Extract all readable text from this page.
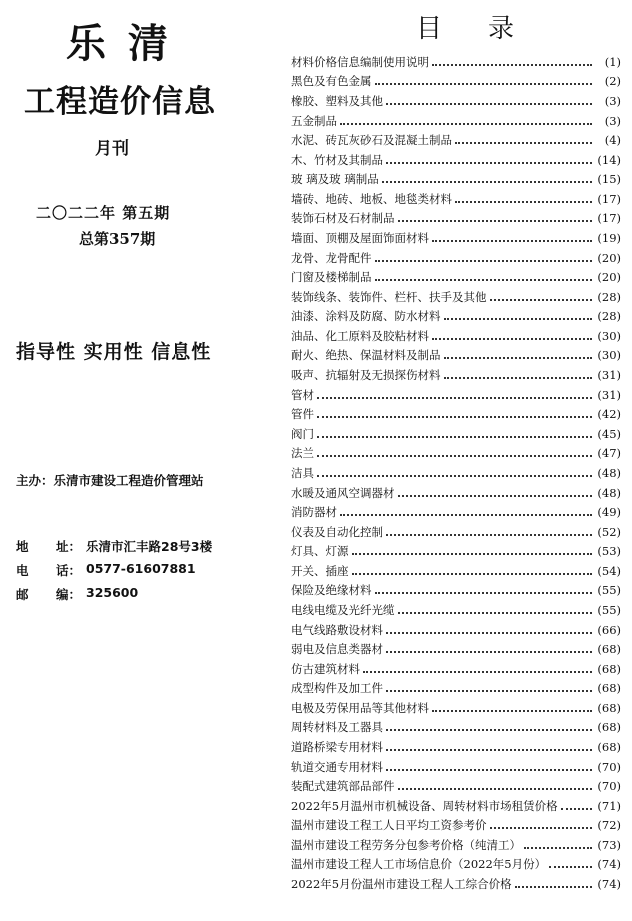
乐清
工程造价信息
月刊
二〇二二年 第五期
总第357期
指导性 实用性 信息性
主办：乐清市建设工程造价管理站
地 址： 乐清市汇丰路28号3楼
电 话： 0577-61607881
邮 编： 325600
目录
材料价格信息编制使用说明	(1)
黑色及有色金属	(2)
橡胶、塑料及其他	(3)
五金制品	(3)
水泥、砖瓦灰砂石及混凝土制品	(4)
木、竹材及其制品	(14)
玻 璃及玻 璃制品	(15)
墙砖、地砖、地板、地毯类材料	(17)
装饰石材及石材制品	(17)
墙面、顶棚及屋面饰面材料	(19)
龙骨、龙骨配件	(20)
门窗及楼梯制品	(20)
装饰线条、装饰件、栏杆、扶手及其他	(28)
油漆、涂料及防腐、防水材料	(28)
油品、化工原料及胶粘材料	(30)
耐火、绝热、保温材料及制品	(30)
吸声、抗辐射及无损探伤材料	(31)
管材	(31)
管件	(42)
阀门	(45)
法兰	(47)
洁具	(48)
水暖及通风空调器材	(48)
消防器材	(49)
仪表及自动化控制	(52)
灯具、灯源	(53)
开关、插座	(54)
保险及绝缘材料	(55)
电线电缆及光纤光缆	(55)
电气线路敷设材料	(66)
弱电及信息类器材	(68)
仿古建筑材料	(68)
成型构件及加工件	(68)
电极及劳保用品等其他材料	(68)
周转材料及工器具	(68)
道路桥梁专用材料	(68)
轨道交通专用材料	(70)
装配式建筑部品部件	(70)
2022年5月温州市机械设备、周转材料市场租赁价格	(71)
温州市建设工程工人日平均工资参考价	(72)
温州市建设工程劳务分包参考价格（纯清工）	(73)
温州市建设工程人工市场信息价（2022年5月份）	(74)
2022年5月份温州市建设工程人工综合价格	(74)
